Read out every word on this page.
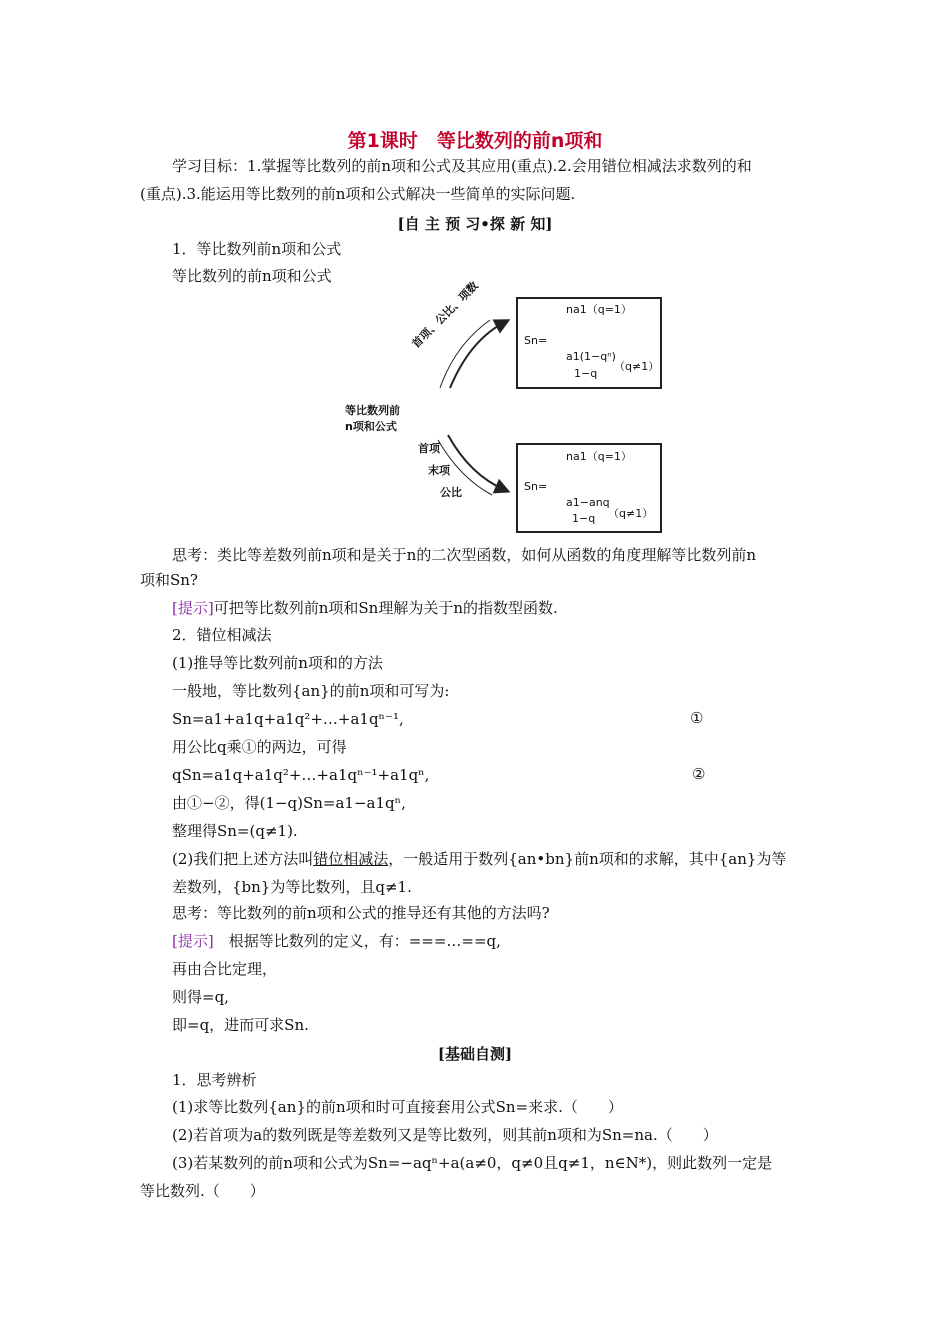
第1课时　等比数列的前n项和
学习目标：1.掌握等比数列的前n项和公式及其应用(重点).2.会用错位相减法求数列的和
(重点).3.能运用等比数列的前n项和公式解决一些简单的实际问题.
[自 主 预 习•探 新 知]
1．等比数列前n项和公式
等比数列的前n项和公式
等比数列前
n项和公式
首项、公比、项数
首项
末项
公比
Sn=
na1（q=1）
a1(1−qⁿ)
1−q
（q≠1）
Sn=
na1（q=1）
a1−anq
1−q （q≠1）
思考：类比等差数列前n项和是关于n的二次型函数，如何从函数的角度理解等比数列前n
项和Sn?
[提示]可把等比数列前n项和Sn理解为关于n的指数型函数.
2．错位相减法
(1)推导等比数列前n项和的方法
一般地，等比数列{an}的前n项和可写为:
Sn=a1+a1q+a1q²+…+a1qⁿ⁻¹,	①
用公比q乘①的两边，可得
qSn=a1q+a1q²+…+a1qⁿ⁻¹+a1qⁿ,	②
由①−②，得(1−q)Sn=a1−a1qⁿ,
整理得Sn=(q≠1).
(2)我们把上述方法叫错位相减法，一般适用于数列{an•bn}前n项和的求解，其中{an}为等
差数列，{bn}为等比数列，且q≠1.
思考：等比数列的前n项和公式的推导还有其他的方法吗?
[提示]　根据等比数列的定义，有：===…==q,
再由合比定理，
则得=q,
即=q，进而可求Sn.
[基础自测]
1．思考辨析
(1)求等比数列{an}的前n项和时可直接套用公式Sn=来求.（　　）
(2)若首项为a的数列既是等差数列又是等比数列，则其前n项和为Sn=na.（　　）
(3)若某数列的前n项和公式为Sn=−aqⁿ+a(a≠0，q≠0且q≠1，n∈N*)，则此数列一定是
等比数列.（　　）
